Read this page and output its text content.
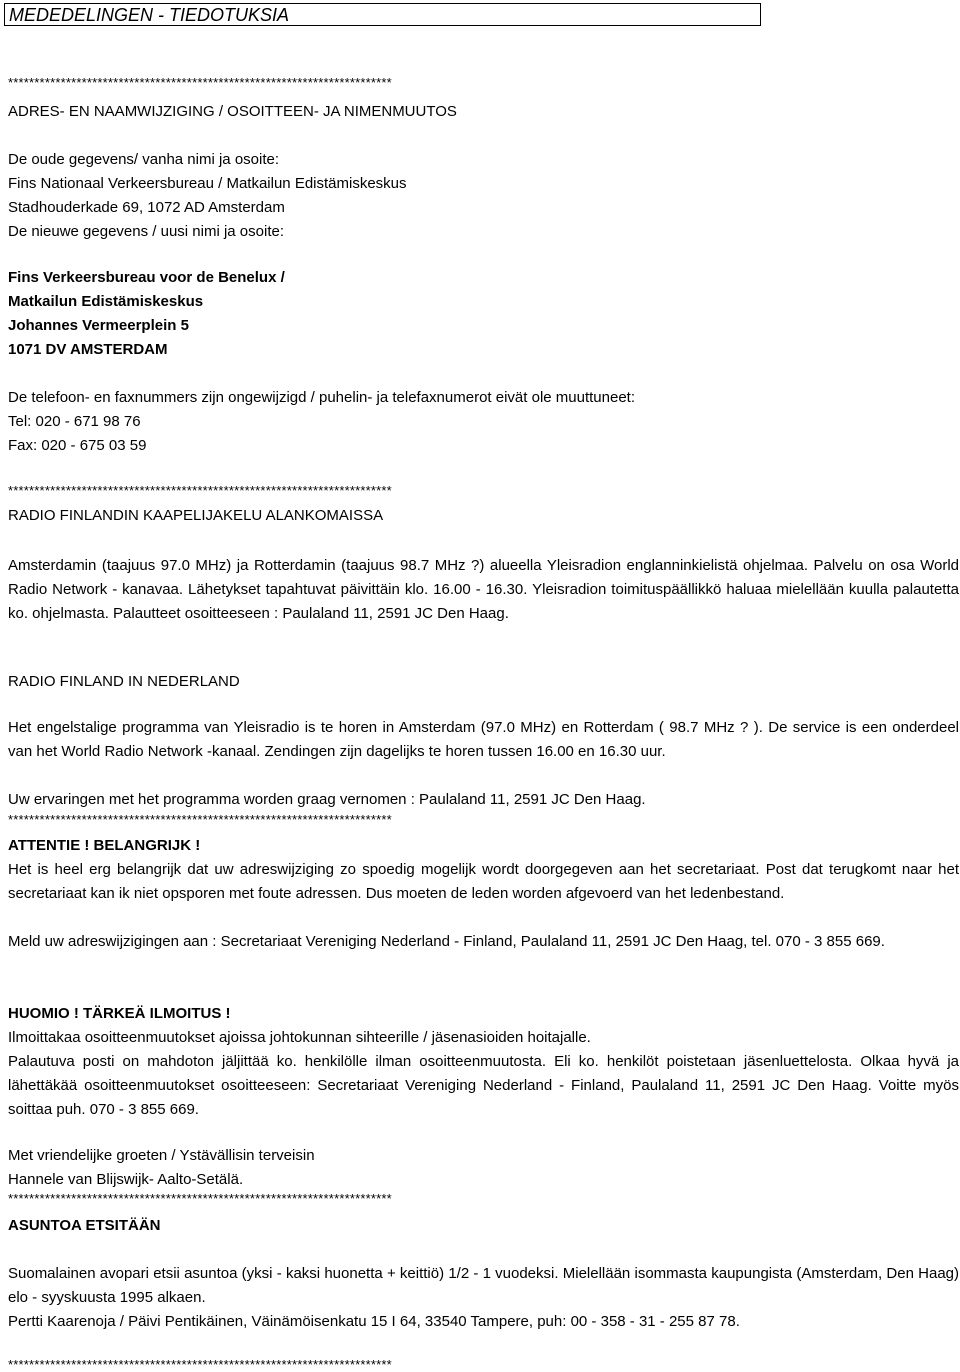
MEDEDELINGEN - TIEDOTUKSIA
*************************************************************************
ADRES- EN NAAMWIJZIGING / OSOITTEEN- JA NIMENMUUTOS
De oude gegevens/ vanha nimi ja osoite:
Fins Nationaal Verkeersbureau / Matkailun Edistämiskeskus
Stadhouderkade 69, 1072 AD Amsterdam
De nieuwe gegevens / uusi nimi ja osoite:
Fins Verkeersbureau voor de Benelux /
Matkailun Edistämiskeskus
Johannes Vermeerplein 5
1071 DV AMSTERDAM
De telefoon- en faxnummers zijn ongewijzigd / puhelin- ja telefaxnumerot eivät ole muuttuneet:
Tel: 020 - 671 98 76
Fax: 020 - 675 03 59
*************************************************************************
RADIO FINLANDIN KAAPELIJAKELU ALANKOMAISSA

Amsterdamin (taajuus 97.0 MHz) ja Rotterdamin (taajuus 98.7 MHz ?) alueella Yleisradion englanninkielistä ohjelmaa. Palvelu on osa World Radio Network - kanavaa. Lähetykset tapahtuvat päivittäin klo. 16.00 - 16.30. Yleisradion toimituspäällikkö haluaa mielellään kuulla palautetta ko. ohjelmasta. Palautteet osoitteeseen : Paulaland 11, 2591 JC Den Haag.

RADIO FINLAND IN NEDERLAND

Het engelstalige programma van Yleisradio is te horen in Amsterdam (97.0 MHz) en Rotterdam ( 98.7 MHz ? ). De service is een onderdeel van het World Radio Network -kanaal. Zendingen zijn dagelijks te horen tussen 16.00 en 16.30 uur.

Uw ervaringen met het programma worden graag vernomen : Paulaland 11, 2591 JC Den Haag.
*************************************************************************
ATTENTIE ! BELANGRIJK !

Het is heel erg belangrijk dat uw adreswijziging zo spoedig mogelijk wordt doorgegeven aan het secretariaat. Post dat terugkomt naar het secretariaat kan ik niet opsporen met foute adressen. Dus moeten de leden worden afgevoerd van het ledenbestand.

Meld uw adreswijzigingen aan : Secretariaat Vereniging Nederland - Finland, Paulaland 11, 2591 JC Den Haag, tel. 070 - 3 855 669.

HUOMIO ! TÄRKEÄ ILMOITUS !
Ilmoittakaa osoitteenmuutokset ajoissa johtokunnan sihteerille / jäsenasioiden hoitajalle.

Palautuva posti on mahdoton jäljittää ko. henkilölle ilman osoitteenmuutosta. Eli ko. henkilöt poistetaan jäsenluettelosta. Olkaa hyvä ja lähettäkää osoitteenmuutokset osoitteeseen: Secretariaat Vereniging Nederland - Finland, Paulaland 11, 2591 JC Den Haag. Voitte myös soittaa puh. 070 - 3 855 669.

Met vriendelijke groeten / Ystävällisin terveisin
Hannele van Blijswijk- Aalto-Setälä.
*************************************************************************
ASUNTOA ETSITÄÄN

Suomalainen avopari etsii asuntoa (yksi - kaksi huonetta + keittiö) 1/2 - 1 vuodeksi. Mielellään isommasta kaupungista (Amsterdam, Den Haag) elo - syyskuusta 1995 alkaen.

Pertti Kaarenoja / Päivi Pentikäinen, Väinämöisenkatu 15 I 64, 33540 Tampere, puh: 00 - 358 - 31 - 255 87 78.
*************************************************************************
